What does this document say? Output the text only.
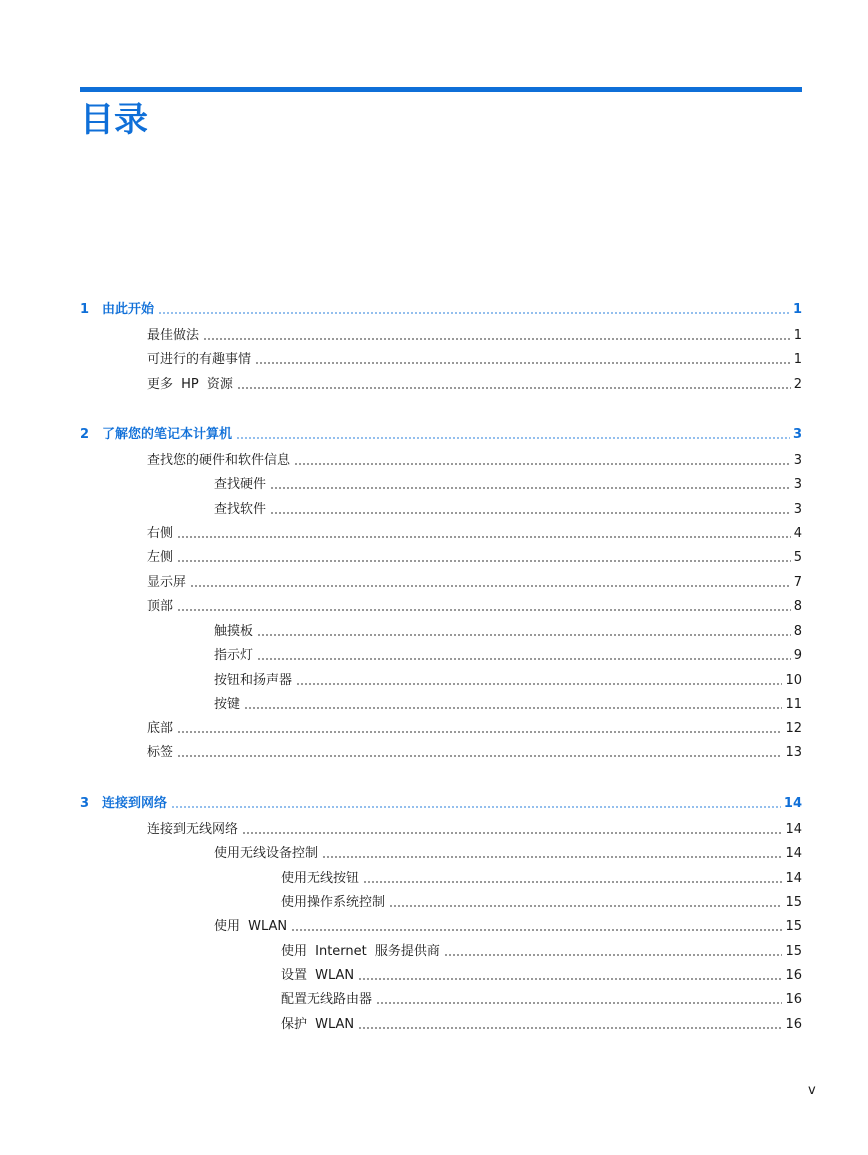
目录
1 由此开始	1
最佳做法	1
可进行的有趣事情	1
更多 HP 资源	2
2 了解您的笔记本计算机	3
查找您的硬件和软件信息	3
查找硬件	3
查找软件	3
右侧	4
左侧	5
显示屏	7
顶部	8
触摸板	8
指示灯	9
按钮和扬声器	10
按键	11
底部	12
标签	13
3 连接到网络	14
连接到无线网络	14
使用无线设备控制	14
使用无线按钮	14
使用操作系统控制	15
使用 WLAN	15
使用 Internet 服务提供商	15
设置 WLAN	16
配置无线路由器	16
保护 WLAN	16
v
